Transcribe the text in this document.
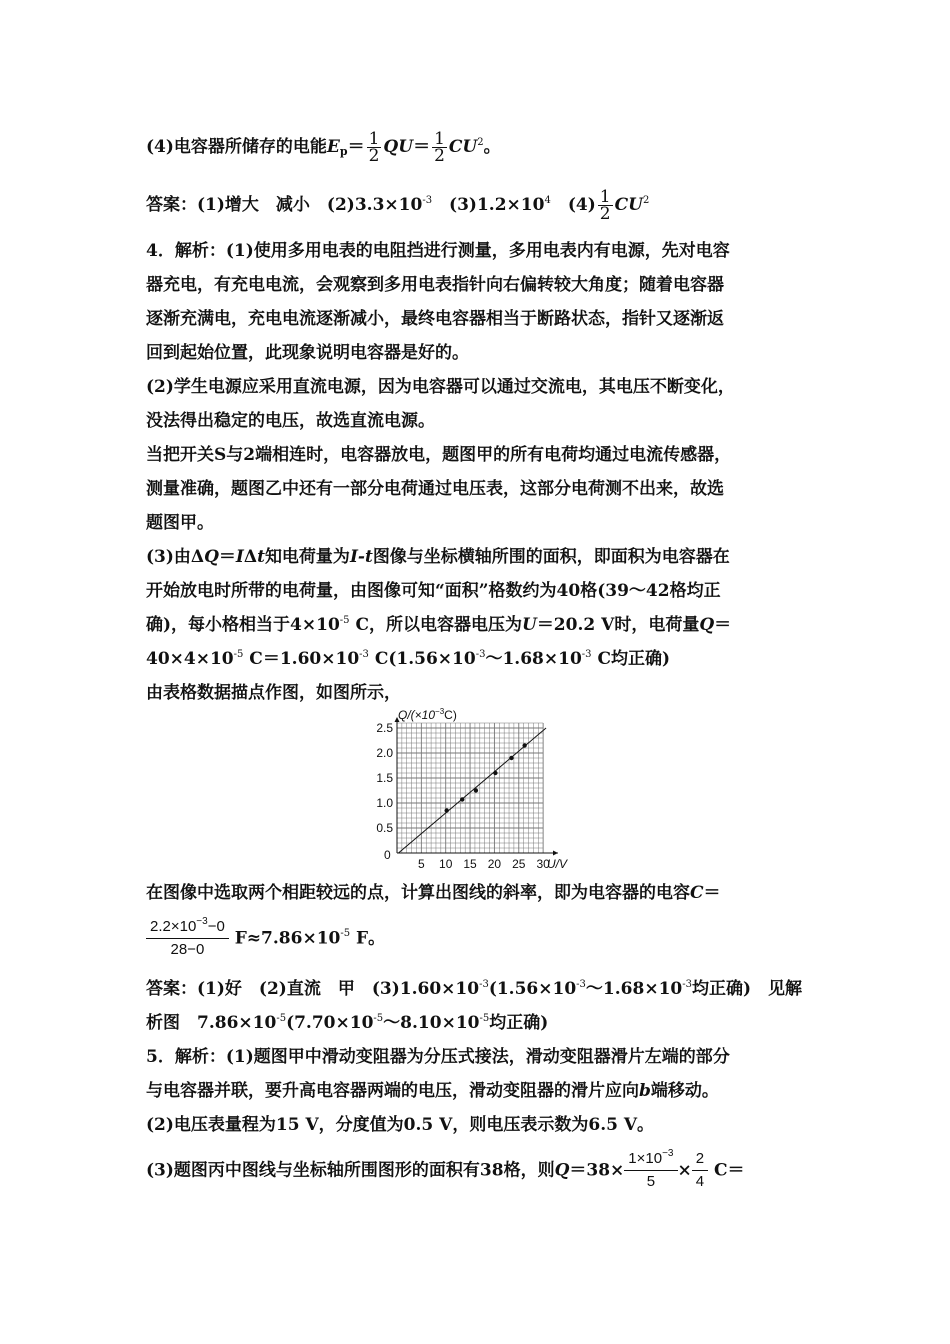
(4)电容器所储存的电能$E_p= \frac{1}{2} QU= \frac{1}{2} CU^2$。
答案：(1)增大　减小　$(2)3.3\times 10^{-3}$　$(3)1.2\times 10^4$　$(4) \frac{1}{2} CU^2$
4．解析：(1)使用多用电表的电阻挡进行测量，多用电表内有电源，先对电容
器充电，有充电电流，会观察到多用电表指针向右偏转较大角度；随着电容器
逐渐充满电，充电电流逐渐减小，最终电容器相当于断路状态，指针又逐渐返
回到起始位置，此现象说明电容器是好的。
(2)学生电源应采用直流电源，因为电容器可以通过交流电，其电压不断变化，
没法得出稳定的电压，故选直流电源。
当把开关S与2端相连时，电容器放电，题图甲的所有电荷均通过电流传感器，
测量准确，题图乙中还有一部分电荷通过电压表，这部分电荷测不出来，故选
题图甲。
(3)由ΔQ＝IΔt知电荷量为I-t图像与坐标横轴所围的面积，即面积为电容器在
开始放电时所带的电荷量，由图像可知“面积”格数约为40格(39～42格均正
确)，每小格相当于$4\times 10^{-5}$ C，所以电容器电压为U＝20.2 V时，电荷量Q＝
$40\times 4\times 10^{-5}$ $C=1.60\times 10^{-3}$ $C(1.56\times 10^{-3}\sim 1.68\times 10^{-3}$ C均正确)
由表格数据描点作图，如图所示，
在图像中选取两个相距较远的点，计算出图线的斜率，即为电容器的电容C＝
$\frac{2.2\times 10^{-3}-0}{28-0} F\approx 7.86\times 10^{-5}$ F。
答案：(1)好　(2)直流　甲　$(3)1.60\times 10^{-3}(1.56\times 10^{-3}\sim 1.68\times 10^{-3}$均正确)　见解
析图　$7.86\times 10^{-5}(7.70\times 10^{-5}\sim 8.10\times 10^{-5}$均正确)
5．解析：(1)题图甲中滑动变阻器为分压式接法，滑动变阻器滑片左端的部分
与电容器并联，要升高电容器两端的电压，滑动变阻器的滑片应向b端移动。
(2)电压表量程为15 V，分度值为0.5 V，则电压表示数为6.5 V。
(3)题图丙中图线与坐标轴所围图形的面积有38格，则$Q=38\times \frac{1\times 10^{-3}}{5} \times \frac{2}{4} C=$
5 10 15 20 25 30
0.5
1.0
1.5
2.0
2.5
$Q/(\times 10^{-3}C)$
U/V
0
